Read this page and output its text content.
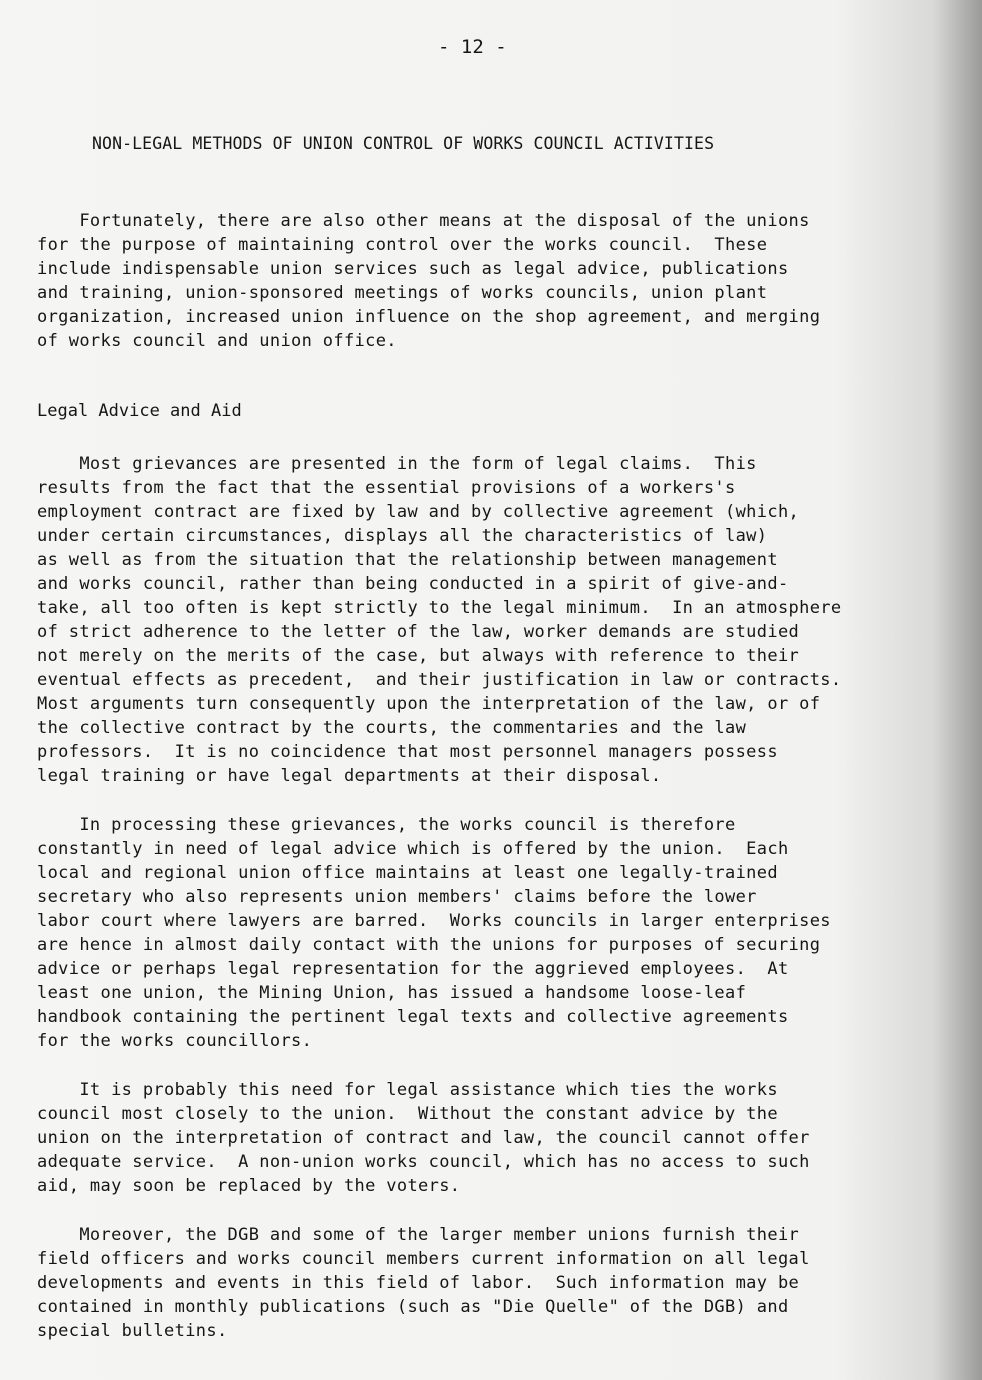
- 12 -
NON-LEGAL METHODS OF UNION CONTROL OF WORKS COUNCIL ACTIVITIES
Fortunately, there are also other means at the disposal of the unions
for the purpose of maintaining control over the works council.  These
include indispensable union services such as legal advice, publications
and training, union-sponsored meetings of works councils, union plant
organization, increased union influence on the shop agreement, and merging
of works council and union office.
Legal Advice and Aid
Most grievances are presented in the form of legal claims.  This
results from the fact that the essential provisions of a workers's
employment contract are fixed by law and by collective agreement (which,
under certain circumstances, displays all the characteristics of law)
as well as from the situation that the relationship between management
and works council, rather than being conducted in a spirit of give-and-
take, all too often is kept strictly to the legal minimum.  In an atmosphere
of strict adherence to the letter of the law, worker demands are studied
not merely on the merits of the case, but always with reference to their
eventual effects as precedent,  and their justification in law or contracts.
Most arguments turn consequently upon the interpretation of the law, or of
the collective contract by the courts, the commentaries and the law
professors.  It is no coincidence that most personnel managers possess
legal training or have legal departments at their disposal.
In processing these grievances, the works council is therefore
constantly in need of legal advice which is offered by the union.  Each
local and regional union office maintains at least one legally-trained
secretary who also represents union members' claims before the lower
labor court where lawyers are barred.  Works councils in larger enterprises
are hence in almost daily contact with the unions for purposes of securing
advice or perhaps legal representation for the aggrieved employees.  At
least one union, the Mining Union, has issued a handsome loose-leaf
handbook containing the pertinent legal texts and collective agreements
for the works councillors.
It is probably this need for legal assistance which ties the works
council most closely to the union.  Without the constant advice by the
union on the interpretation of contract and law, the council cannot offer
adequate service.  A non-union works council, which has no access to such
aid, may soon be replaced by the voters.
Moreover, the DGB and some of the larger member unions furnish their
field officers and works council members current information on all legal
developments and events in this field of labor.  Such information may be
contained in monthly publications (such as "Die Quelle" of the DGB) and
special bulletins.
